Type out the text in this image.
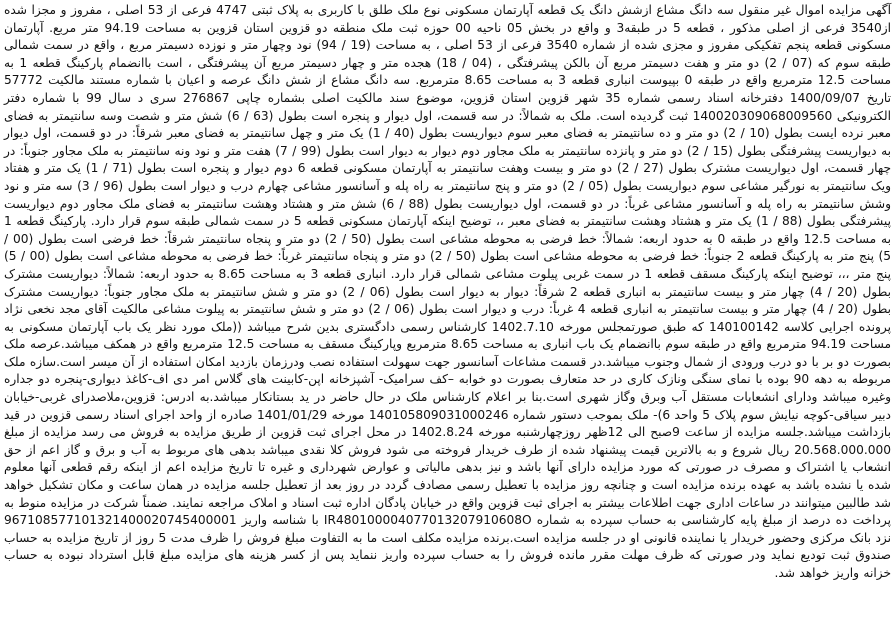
آگهی مزایده اموال غیر منقول سه دانگ مشاع ازشش دانگ یک قطعه آپارتمان مسکونی نوع ملک طلق با کاربری به پلاک ثبتی 4747 فرعی از 53 اصلی ، مفروز و مجزا شده از3540 فرعی از اصلی مذکور ، قطعه 5 در طبقه3 و واقع در بخش 05 ناحیه 00 حوزه ثبت ملک منطقه دو قزوین استان قزوین به مساحت 94.19 متر مربع. آپارتمان مسکونی قطعه پنجم تفکیکی مفروز و مجزی شده از شماره 3540 فرعی از 53 اصلی ، به مساحت (19 / 94) نود وچهار متر و نوزده دسیمتر مربع ، واقع در سمت شمالی طبقه سوم که (07 / 2) دو متر و هفت دسیمتر مربع آن بالکن پیشرفتگی ، (04 / 18) هجده متر و چهار دسیمتر مربع آن پیشرفتگی ، است باانضمام پارکینگ قطعه 1 به مساحت 12.5 مترمربع واقع در طبقه 0 بپیوست انباری قطعه 3 به مساحت 8.65 مترمربع. سه دانگ مشاع از شش دانگ عرصه و اعیان با شماره مستند مالکیت 57772 تاریخ 1400/09/07 دفترخانه اسناد رسمی شماره 35 شهر قزوین استان قزوین، موضوع سند مالکیت اصلی بشماره چاپی 276867 سری د سال 99 با شماره دفتر الکترونیکی 140020309068009560 ثبت گردیده است. ملک به شمالاً: در سه قسمت، اول دیوار و پنجره است بطول (63 / 6) شش متر و شصت وسه سانتیمتر به فضای معبر نرده ایست بطول (10 / 2) دو متر و ده سانتیمتر به فضای معبر سوم دیواریست بطول (40 / 1) یک متر و چهل سانتیمتر به فضای معبر شرقاً: در دو قسمت، اول دیوار به دیواریست پیشرفتگی بطول (15 / 2) دو متر و پانزده سانتیمتر به ملک مجاور دوم دیوار به دیوار است بطول (99 / 7) هفت متر و نود ونه سانتیمتر به ملک مجاور جنوباً: در چهار قسمت، اول دیواریست مشترک بطول (27 / 2) دو متر و بیست وهفت سانتیمتر به آپارتمان مسکونی قطعه 6 دوم دیوار و پنجره است بطول (71 / 1) یک متر و هفتاد ویک سانتیمتر به نورگیر مشاعی سوم دیواریست بطول (05 / 2) دو متر و پنج سانتیمتر به راه پله و آسانسور مشاعی چهارم درب و دیوار است بطول (96 / 3) سه متر و نود وشش سانتیمتر به راه پله و آسانسور مشاعی غرباً: در دو قسمت، اول دیواریست بطول (88 / 6) شش متر و هشتاد وهشت سانتیمتر به فضای ملک مجاور دوم دیواریست پیشرفتگی بطول (88 / 1) یک متر و هشتاد وهشت سانتیمتر به فضای معبر ،، توضیح اینکه آپارتمان مسکونی قطعه 5 در سمت شمالی طبقه سوم قرار دارد. پارکینگ قطعه 1 به مساحت 12.5 واقع در طبقه 0 به حدود اربعه: شمالاً: خط فرضی به محوطه مشاعی است بطول (50 / 2) دو متر و پنجاه سانتیمتر شرقاً: خط فرضی است بطول (00 / 5) پنج متر به پارکینگ قطعه 2 جنوباً: خط فرضی به محوطه مشاعی است بطول (50 / 2) دو متر و پنجاه سانتیمتر غرباً: خط فرضی به محوطه مشاعی است بطول (00 / 5) پنج متر ،،، توضیح اینکه پارکینگ مسقف قطعه 1 در سمت غربی پیلوت مشاعی شمالی قرار دارد. انباری قطعه 3 به مساحت 8.65 به حدود اربعه: شمالاً: دیواریست مشترک بطول (20 / 4) چهار متر و بیست سانتیمتر به انباری قطعه 2 شرقاً: دیوار به دیوار است بطول (06 / 2) دو متر و شش سانتیمتر به ملک مجاور جنوباً: دیواریست مشترک بطول (20 / 4) چهار متر و بیست سانتیمتر به انباری قطعه 4 غرباً: درب و دیوار است بطول (06 / 2) دو متر و شش سانتیمتر به پیلوت مشاعی مالکیت آقای مجد نخعی نژاد پرونده اجرایی کلاسه 140100142 که طبق صورتمجلس مورخه 1402.7.10 کارشناس رسمی دادگستری بدین شرح میباشد ((ملک مورد نظر یک باب آپارتمان مسکونی به مساحت 94.19 مترمربع واقع در طبقه سوم باانضمام یک باب انباری به مساحت 8.65 مترمربع وپارکینگ مسقف به مساحت 12.5 مترمربع واقع در همکف میباشد.عرصه ملک بصورت دو بر با دو درب ورودی از شمال وجنوب میباشد.در قسمت مشاعات آسانسور جهت سهولت استفاده نصب ودرزمان بازدید امکان استفاده از آن میسر است.سازه ملک مربوطه به دهه 90 بوده با نمای سنگی ونازک کاری در حد متعارف بصورت دو خوابه –کف سرامیک- آشپزخانه اپن-کابینت های گلاس امر دی اف-کاغذ دیواری-پنجره دو جداره وغیره میباشد ودارای انشعابات مستقل آب وبرق وگاز شهری است.بنا بر اعلام کارشناس ملک در حال حاضر در ید بستانکار میباشد.به ادرس: قزوین،ملاصدرای غربی-خیابان دبیر سیاقی-کوچه نیایش سوم پلاک 5 واحد 6)- ملک بموجب دستور شماره 140105809031000246 مورخه 1401/01/29 صادره از واحد اجرای اسناد رسمی قزوین در قید بازداشت میباشد.جلسه مزایده از ساعت 9صبح الی 12ظهر روزچهارشنبه مورخه 1402.8.24 در محل اجرای ثبت قزوین از طریق مزایده به فروش می رسد مزایده از مبلغ 20.568.000.000 ریال شروع و به بالاترین قیمت پیشنهاد شده از طرف خریدار فروخته می شود فروش کلا نقدی میباشد بدهی های مربوط به آب و برق و گاز اعم از حق انشعاب یا اشتراک و مصرف در صورتی که مورد مزایده دارای آنها باشد و نیز بدهی مالیاتی و عوارض شهرداری و غیره تا تاریخ مزایده اعم از اینکه رقم قطعی آنها معلوم شده یا نشده باشد به عهده برنده مزایده است و چنانچه روز مزایده با تعطیل رسمی مصادف گردد در روز بعد از تعطیل جلسه مزایده در همان ساعت و مکان تشکیل خواهد شد طالبین میتوانند در ساعات اداری جهت اطلاعات بیشتر به اجرای ثبت قزوین واقع در خیابان پادگان اداره ثبت اسناد و املاک مراجعه نمایند. ضمناً شرکت در مزایده منوط به پرداخت ده درصد از مبلغ پایه کارشناسی به حساب سپرده به شماره IR480100004077013207910608O با شناسه واریز 967108577101321400020745400001 نزد بانک مرکزی وحضور خریدار یا نماینده قانونی او در جلسه مزایده است.برنده مزایده مکلف است ما به التفاوت مبلغ فروش را ظرف مدت 5 روز از تاریخ مزایده به حساب صندوق ثبت تودیع نماید ودر صورتی که ظرف مهلت مقرر مانده فروش را به حساب سپرده واریز ننماید پس از کسر هزینه های مزایده مبلغ قابل استرداد نبوده به حساب خزانه واریز خواهد شد.
